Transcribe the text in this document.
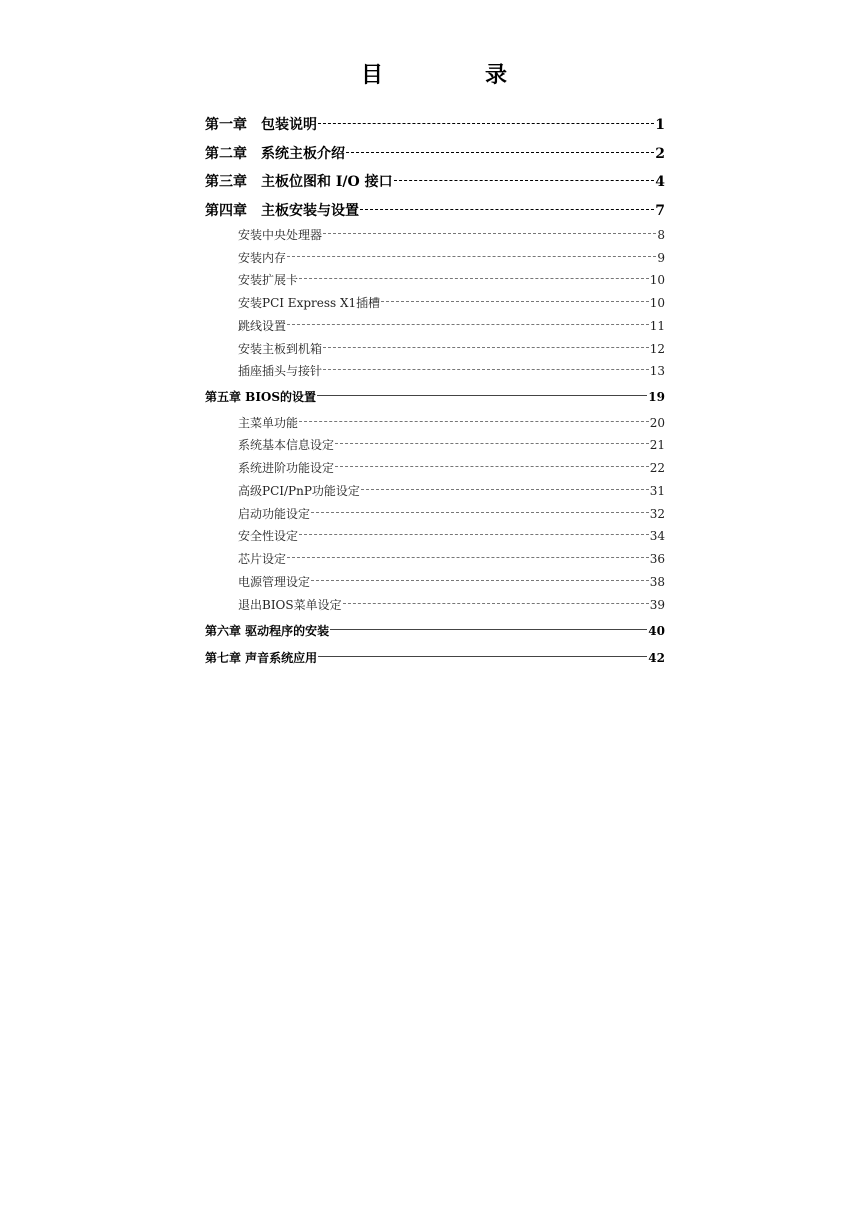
目　录
第一章　包装说明	1
第二章　系统主板介绍	2
第三章　主板位图和 I/O 接口	4
第四章　主板安装与设置	7
安装中央处理器	8
安装内存	9
安装扩展卡	10
安装PCI Express X1插槽	10
跳线设置	11
安装主板到机箱	12
插座插头与接针	13
第五章 BIOS的设置	19
主菜单功能	20
系统基本信息设定	21
系统进阶功能设定	22
高级PCI/PnP功能设定	31
启动功能设定	32
安全性设定	34
芯片设定	36
电源管理设定	38
退出BIOS菜单设定	39
第六章 驱动程序的安装	40
第七章 声音系统应用	42
